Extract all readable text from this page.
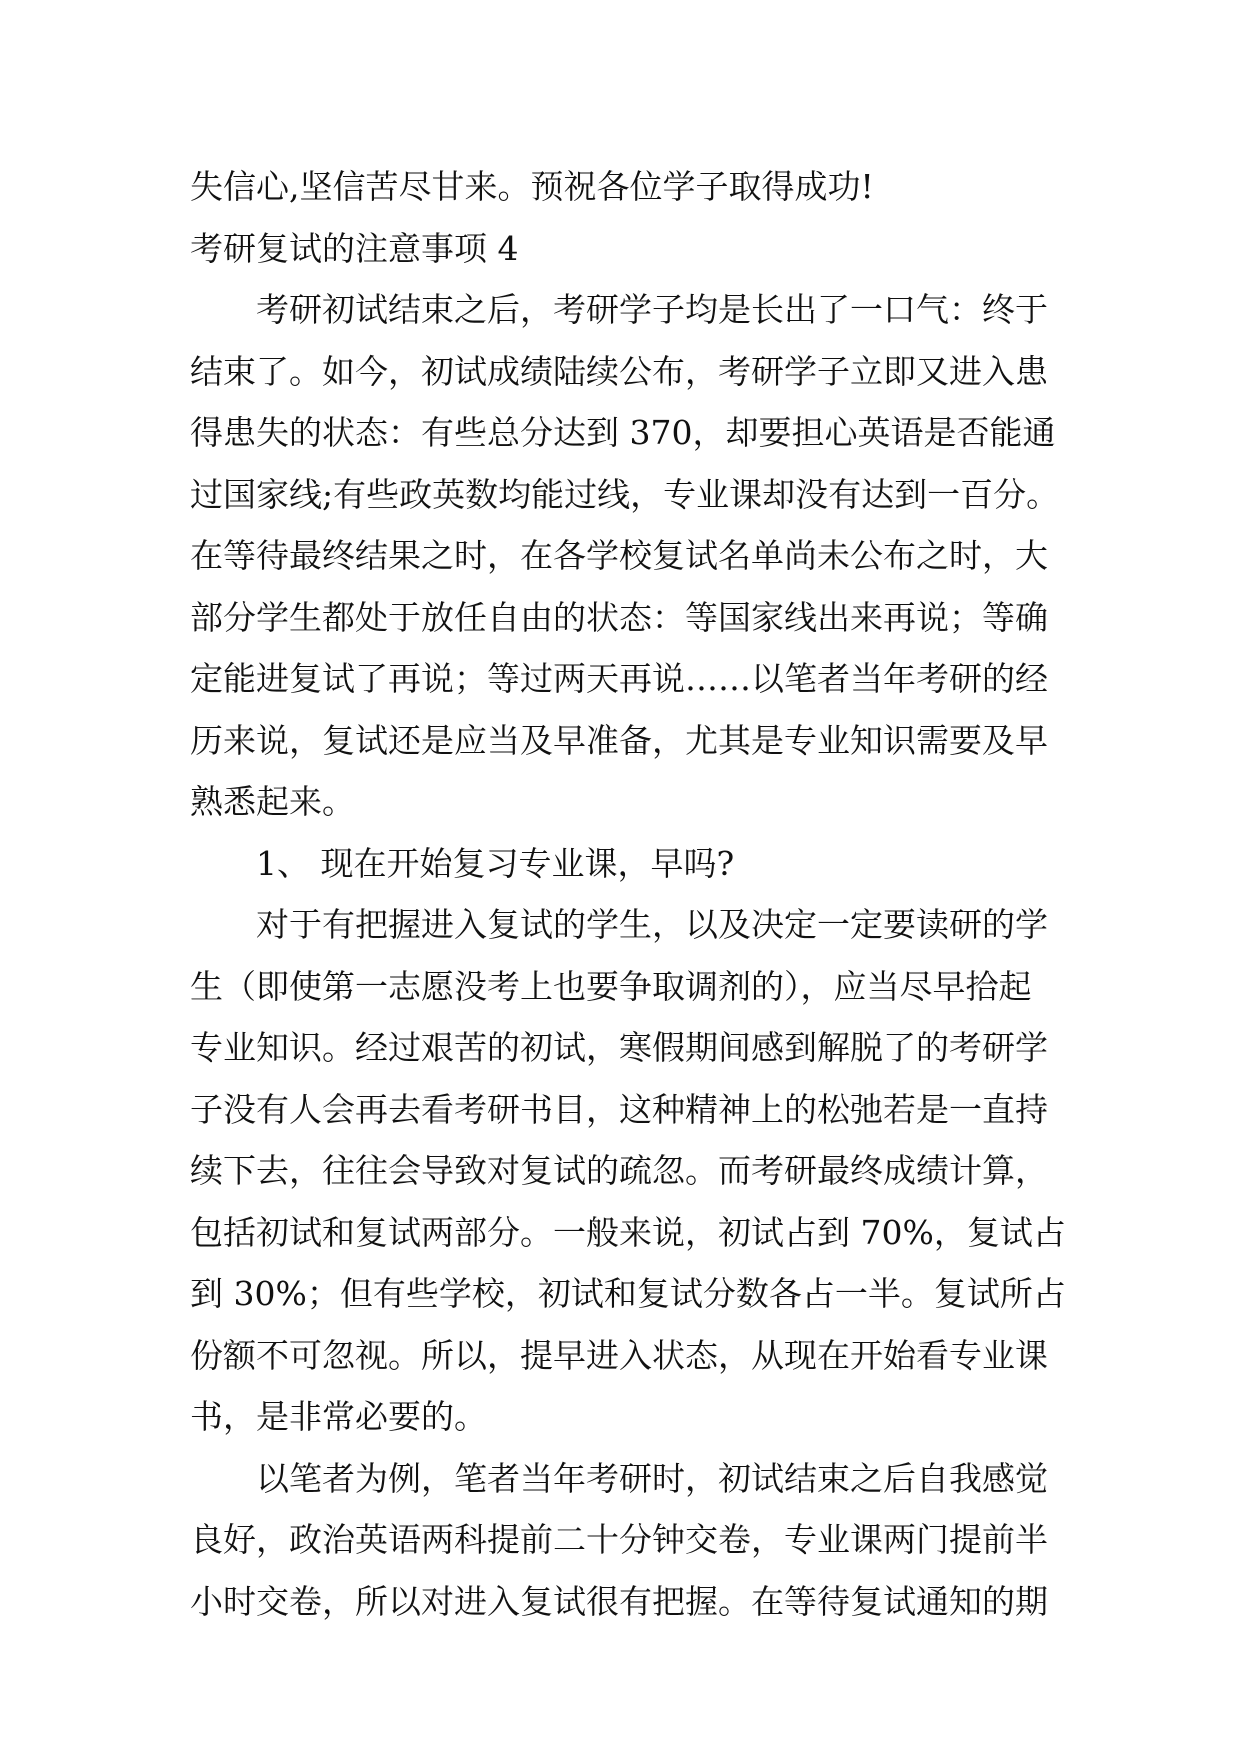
失信心,坚信苦尽甘来。预祝各位学子取得成功!
考研复试的注意事项 4
考研初试结束之后，考研学子均是长出了一口气：终于
结束了。如今，初试成绩陆续公布，考研学子立即又进入患
得患失的状态：有些总分达到 370，却要担心英语是否能通
过国家线;有些政英数均能过线，专业课却没有达到一百分。
在等待最终结果之时，在各学校复试名单尚未公布之时，大
部分学生都处于放任自由的状态：等国家线出来再说；等确
定能进复试了再说；等过两天再说……以笔者当年考研的经
历来说，复试还是应当及早准备，尤其是专业知识需要及早
熟悉起来。
1、 现在开始复习专业课，早吗?
对于有把握进入复试的学生，以及决定一定要读研的学
生（即使第一志愿没考上也要争取调剂的），应当尽早拾起
专业知识。经过艰苦的初试，寒假期间感到解脱了的考研学
子没有人会再去看考研书目，这种精神上的松弛若是一直持
续下去，往往会导致对复试的疏忽。而考研最终成绩计算，
包括初试和复试两部分。一般来说，初试占到 70%，复试占
到 30%；但有些学校，初试和复试分数各占一半。复试所占
份额不可忽视。所以，提早进入状态，从现在开始看专业课
书，是非常必要的。
以笔者为例，笔者当年考研时，初试结束之后自我感觉
良好，政治英语两科提前二十分钟交卷，专业课两门提前半
小时交卷，所以对进入复试很有把握。在等待复试通知的期
